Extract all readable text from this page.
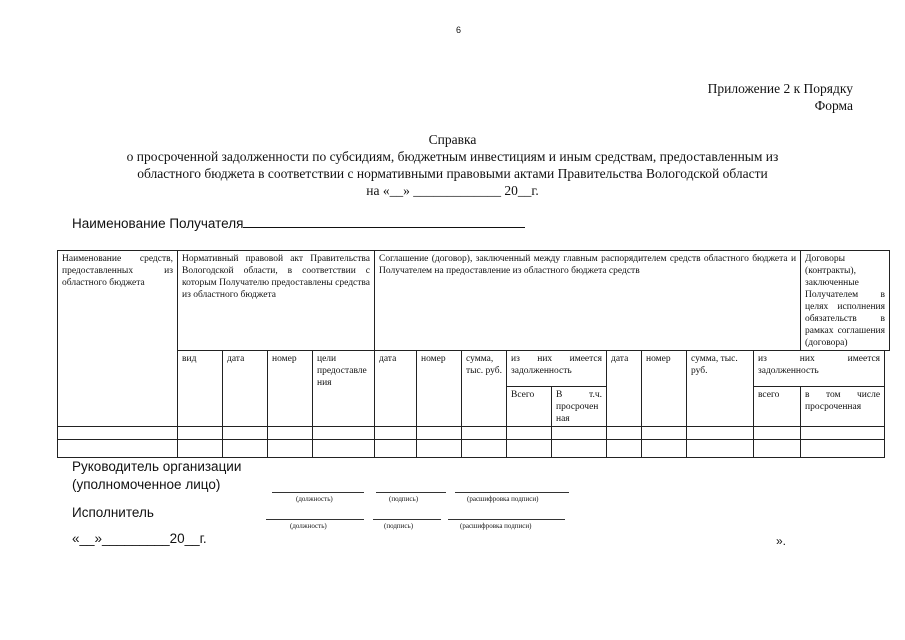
6
Приложение 2 к Порядку
Форма
Справка
о просроченной задолженности по субсидиям, бюджетным инвестициям и иным средствам, предоставленным из
областного бюджета в соответствии с нормативными правовыми актами Правительства Вологодской области
на «__» _____________ 20__г.
Наименование Получателя
Наименование средств, предоставленных из областного бюджета	Нормативный правовой акт Правительства Вологодской области, в соответствии с которым Получателю предоставлены средства из областного бюджета				Соглашение (договор), заключенный между главным распорядителем средств областного бюджета и Получателем на предоставление из областного бюджета средств									Договоры (контракты), заключенные Получателем в целях исполнения обязательств в рамках соглашения (договора)
	вид	дата	номер	цели предоставления	дата	номер	сумма, тыс. руб.	из них имеется задолженность		дата	номер	сумма, тыс. руб.	из них имеется задолженность	
								Всего	В т.ч. просроченная				всего	в том числе просроченная

Руководитель организации
(уполномоченное лицо)
(должность)	(подпись)	(расшифровка подписи)
Исполнитель
(должность)	(подпись)	(расшифровка подписи)
«__»_________20__г.	».
